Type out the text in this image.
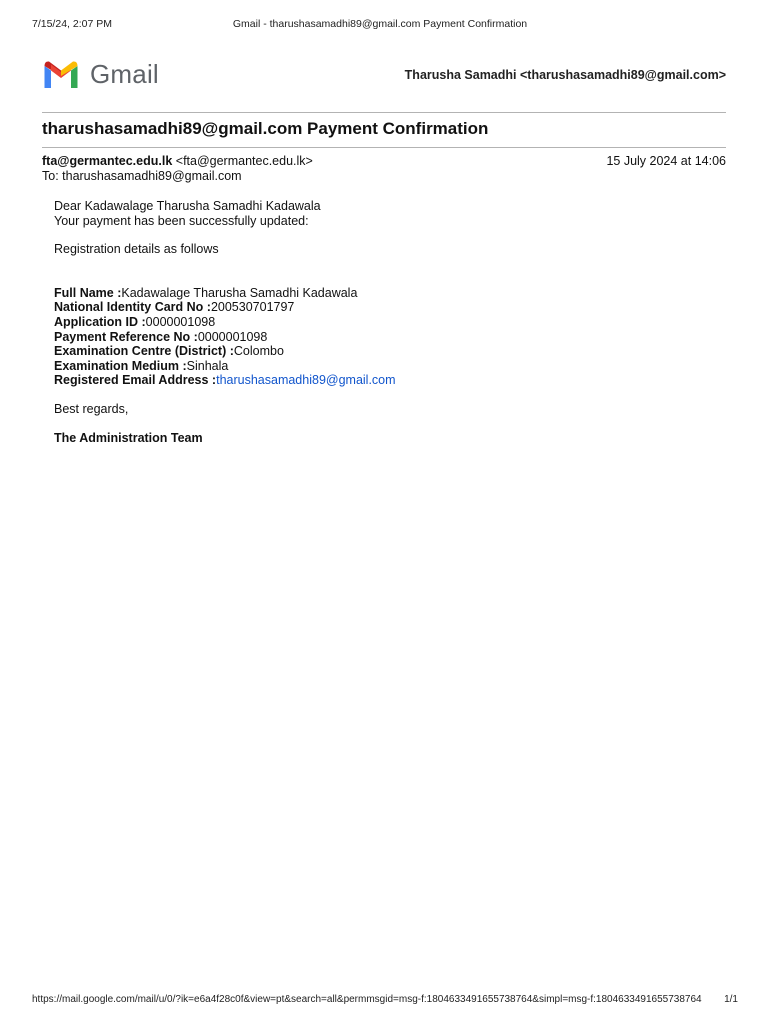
7/15/24, 2:07 PM	Gmail - tharushasamadhi89@gmail.com Payment Confirmation
Gmail	Tharusha Samadhi <tharushasamadhi89@gmail.com>
tharushasamadhi89@gmail.com Payment Confirmation
fta@germantec.edu.lk <fta@germantec.edu.lk>	15 July 2024 at 14:06
To: tharushasamadhi89@gmail.com

Dear Kadawalage Tharusha Samadhi Kadawala

Your payment has been successfully updated:

Registration details as follows

Full Name :Kadawalage Tharusha Samadhi Kadawala

National Identity Card No :200530701797

Application ID :0000001098

Payment Reference No :0000001098

Examination Centre (District) :Colombo

Examination Medium :Sinhala

Registered Email Address :tharushasamadhi89@gmail.com

Best regards,

The Administration Team

https://mail.google.com/mail/u/0/?ik=e6a4f28c0f&view=pt&search=all&permmsgid=msg-f:1804633491655738764&simpl=msg-f:1804633491655738764 1/1
